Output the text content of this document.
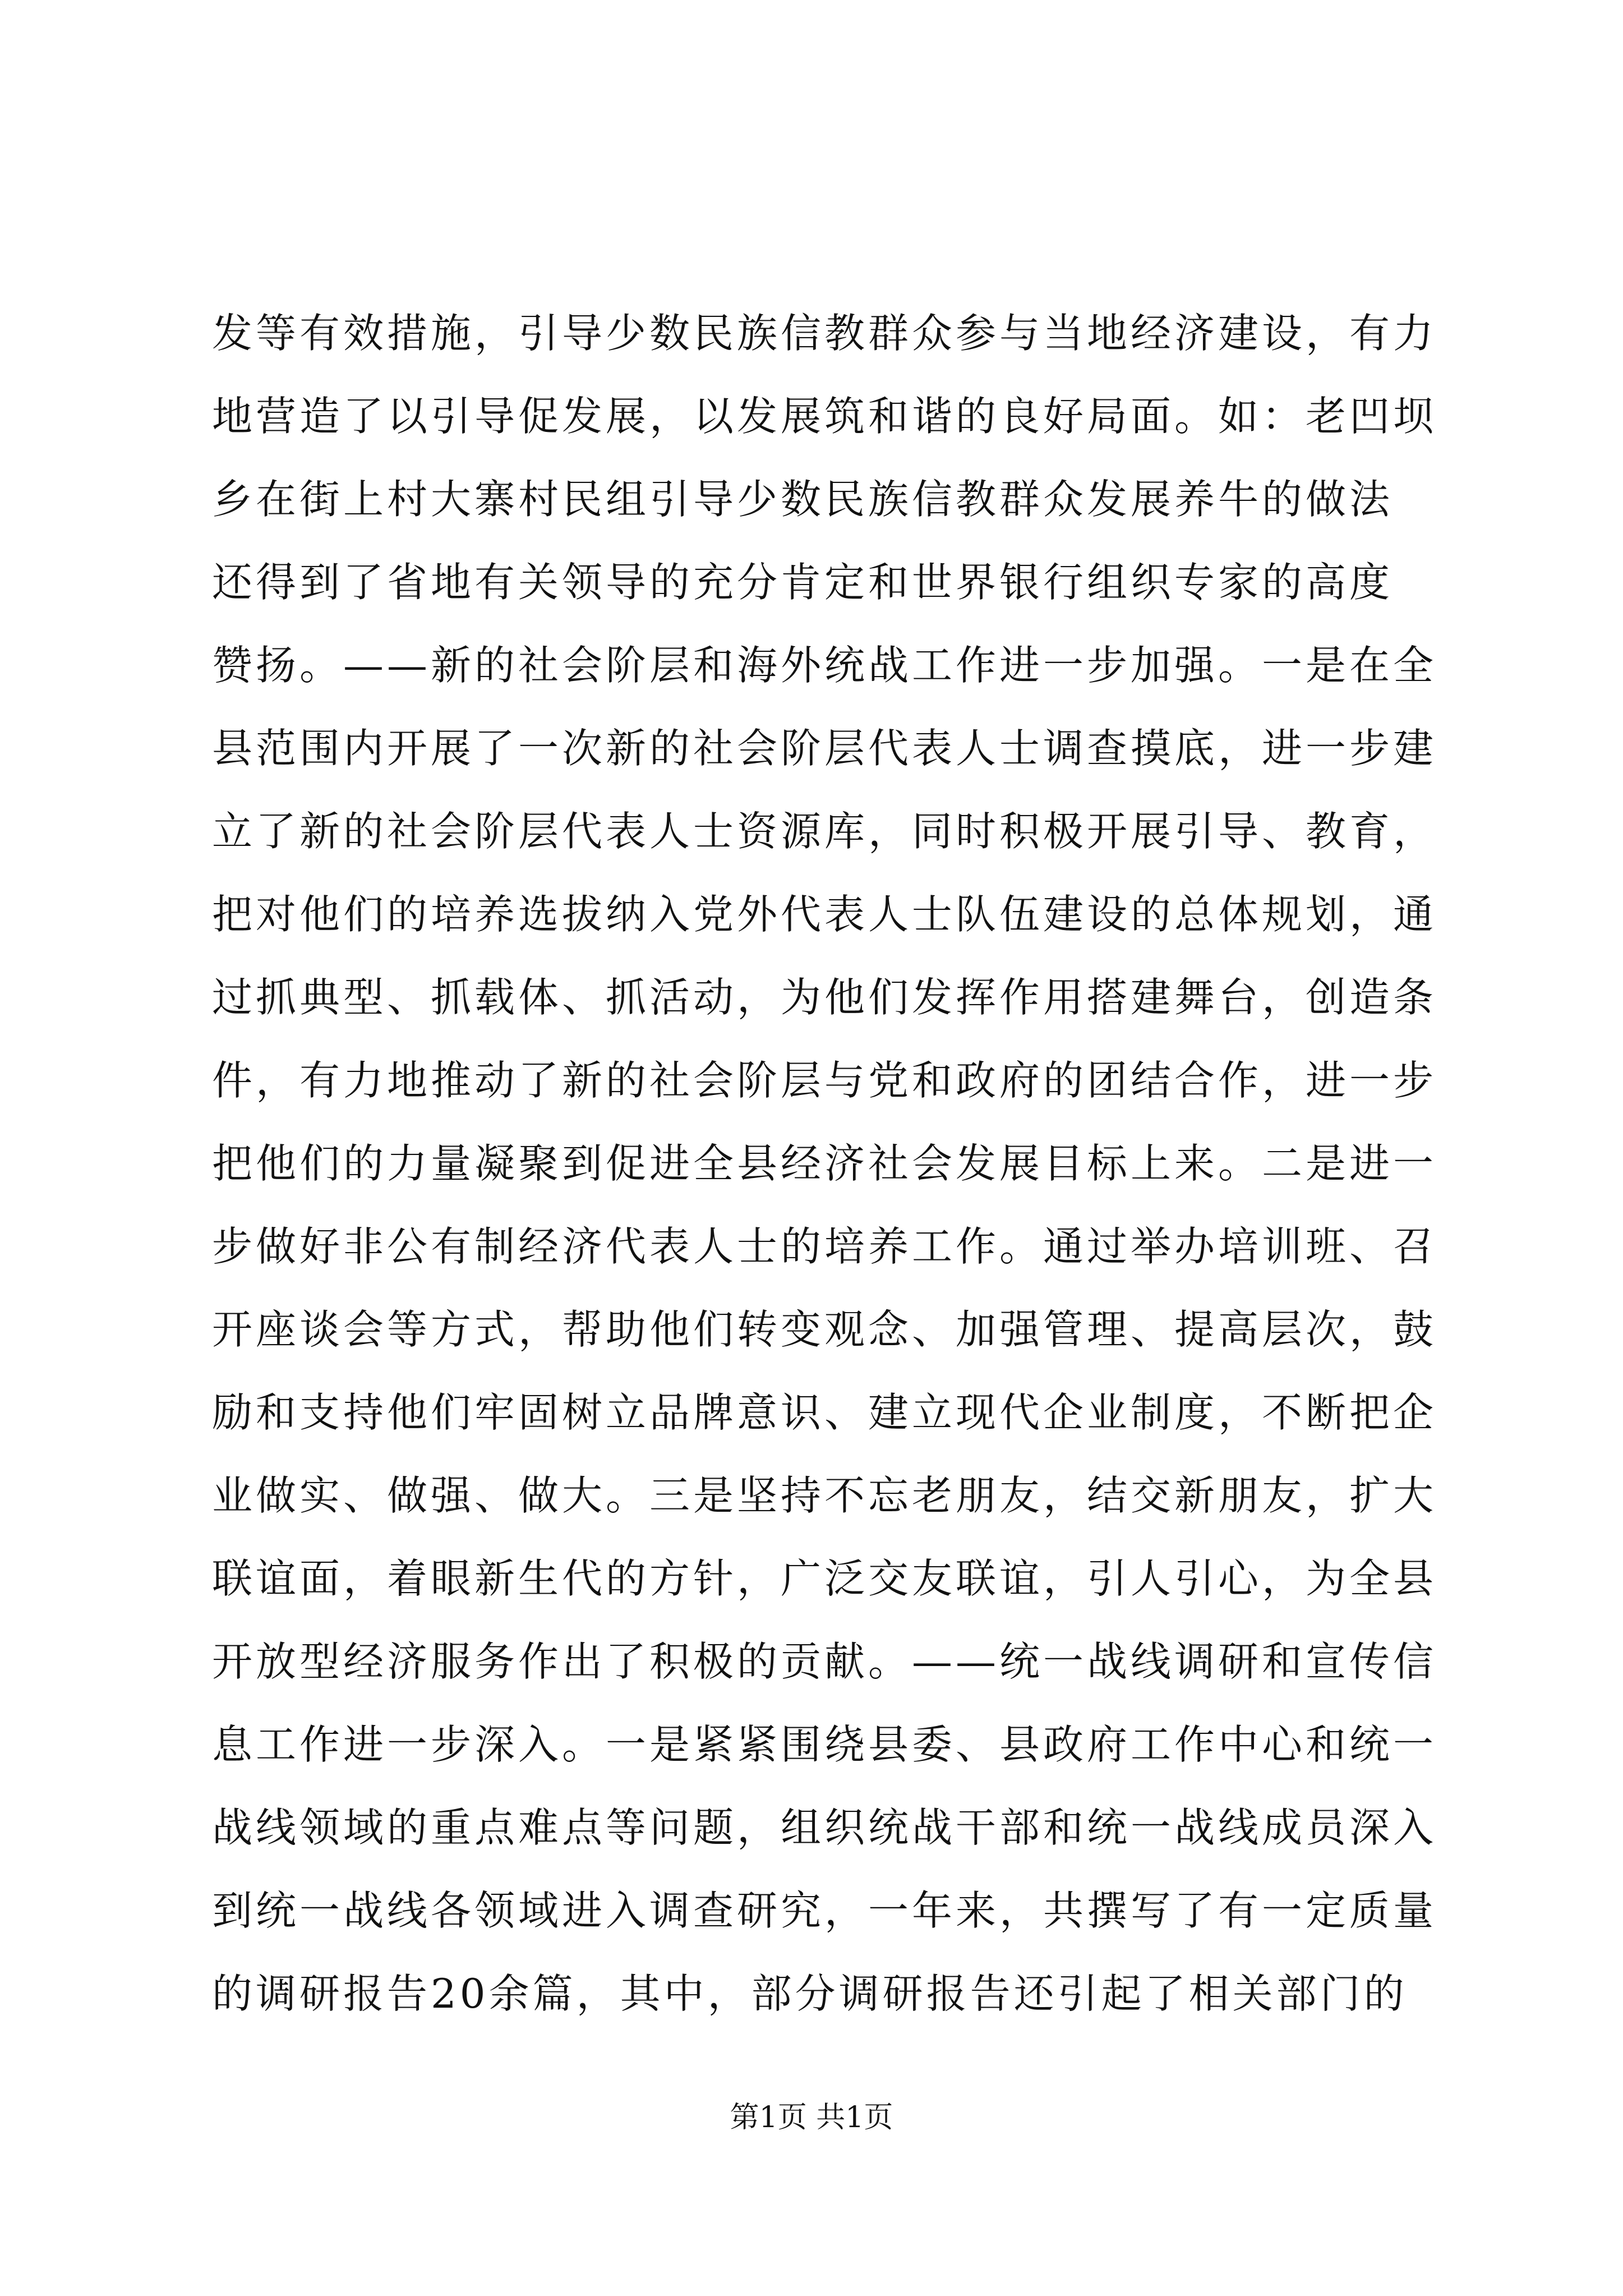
发等有效措施，引导少数民族信教群众参与当地经济建设，有力
地营造了以引导促发展，以发展筑和谐的良好局面。如：老凹坝
乡在街上村大寨村民组引导少数民族信教群众发展养牛的做法
还得到了省地有关领导的充分肯定和世界银行组织专家的高度
赞扬。——新的社会阶层和海外统战工作进一步加强。一是在全
县范围内开展了一次新的社会阶层代表人士调查摸底，进一步建
立了新的社会阶层代表人士资源库，同时积极开展引导、教育，
把对他们的培养选拔纳入党外代表人士队伍建设的总体规划，通
过抓典型、抓载体、抓活动，为他们发挥作用搭建舞台，创造条
件，有力地推动了新的社会阶层与党和政府的团结合作，进一步
把他们的力量凝聚到促进全县经济社会发展目标上来。二是进一
步做好非公有制经济代表人士的培养工作。通过举办培训班、召
开座谈会等方式，帮助他们转变观念、加强管理、提高层次，鼓
励和支持他们牢固树立品牌意识、建立现代企业制度，不断把企
业做实、做强、做大。三是坚持不忘老朋友，结交新朋友，扩大
联谊面，着眼新生代的方针，广泛交友联谊，引人引心，为全县
开放型经济服务作出了积极的贡献。——统一战线调研和宣传信
息工作进一步深入。一是紧紧围绕县委、县政府工作中心和统一
战线领域的重点难点等问题，组织统战干部和统一战线成员深入
到统一战线各领域进入调查研究，一年来，共撰写了有一定质量
的调研报告20余篇，其中，部分调研报告还引起了相关部门的
第1页 共1页
